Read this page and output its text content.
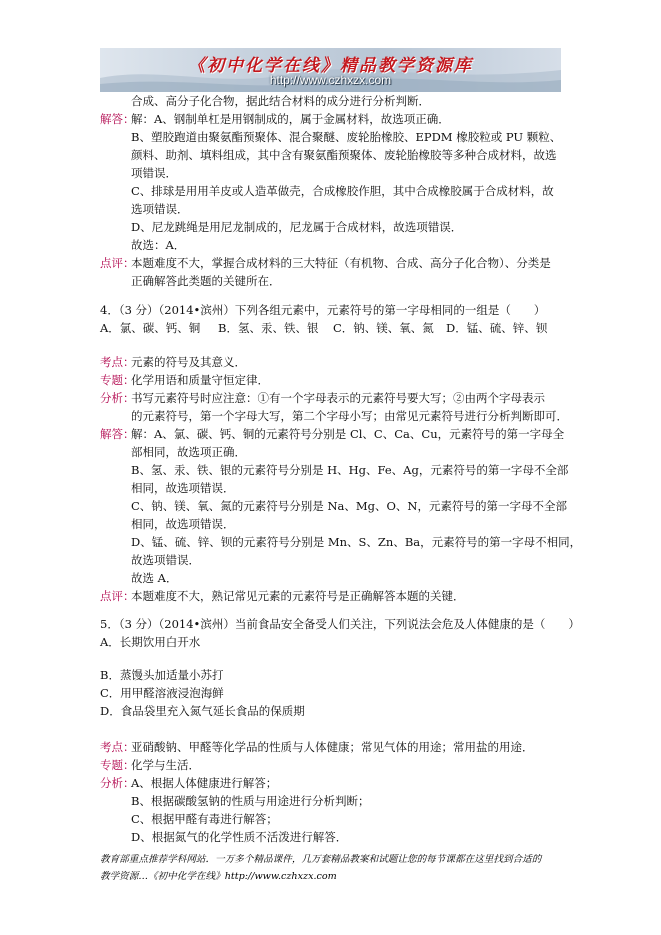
《初中化学在线》精品教学资源库
http://www.czhxzx.com
合成、高分子化合物，据此结合材料的成分进行分析判断．
解答：
解：A、钢制单杠是用钢制成的，属于金属材料，故选项正确．
B、塑胶跑道由聚氨酯预聚体、混合聚醚、废轮胎橡胶、EPDM 橡胶粒或 PU 颗粒、
颜料、助剂、填料组成，其中含有聚氨酯预聚体、废轮胎橡胶等多种合成材料，故选
项错误．
C、排球是用用羊皮或人造革做壳，合成橡胶作胆，其中合成橡胶属于合成材料，故
选项错误．
D、尼龙跳绳是用尼龙制成的，尼龙属于合成材料，故选项错误．
故选：A．
点评：
本题难度不大，掌握合成材料的三大特征（有机物、合成、高分子化合物）、分类是
正确解答此类题的关键所在．
4．（3 分）（2014•滨州）下列各组元素中，元素符号的第一字母相同的一组是（　　）
A．氯、碳、钙、铜 B．氢、汞、铁、银 C．钠、镁、氧、氮 D．锰、硫、锌、钡
考点：
元素的符号及其意义．
专题：
化学用语和质量守恒定律．
分析：
书写元素符号时应注意：①有一个字母表示的元素符号要大写；②由两个字母表示
的元素符号，第一个字母大写，第二个字母小写；由常见元素符号进行分析判断即可．
解答：
解：A、氯、碳、钙、铜的元素符号分别是 Cl、C、Ca、Cu，元素符号的第一字母全
部相同，故选项正确．
B、氢、汞、铁、银的元素符号分别是 H、Hg、Fe、Ag，元素符号的第一字母不全部
相同，故选项错误．
C、钠、镁、氧、氮的元素符号分别是 Na、Mg、O、N，元素符号的第一字母不全部
相同，故选项错误．
D、锰、硫、锌、钡的元素符号分别是 Mn、S、Zn、Ba，元素符号的第一字母不相同，
故选项错误．
故选 A．
点评：
本题难度不大，熟记常见元素的元素符号是正确解答本题的关键．
5．（3 分）（2014•滨州）当前食品安全备受人们关注，下列说法会危及人体健康的是（　　）
A．长期饮用白开水
B．蒸馒头加适量小苏打
C．用甲醛溶液浸泡海鲜
D．食品袋里充入氮气延长食品的保质期
考点：
亚硝酸钠、甲醛等化学品的性质与人体健康；常见气体的用途；常用盐的用途．
专题：
化学与生活．
分析：
A、根据人体健康进行解答；
B、根据碳酸氢钠的性质与用途进行分析判断；
C、根据甲醛有毒进行解答；
D、根据氮气的化学性质不活泼进行解答．
教育部重点推荐学科网站．一万多个精品课件，几万套精品教案和试题让您的每节课都在这里找到合适的
教学资源…《初中化学在线》http://www.czhxzx.com
